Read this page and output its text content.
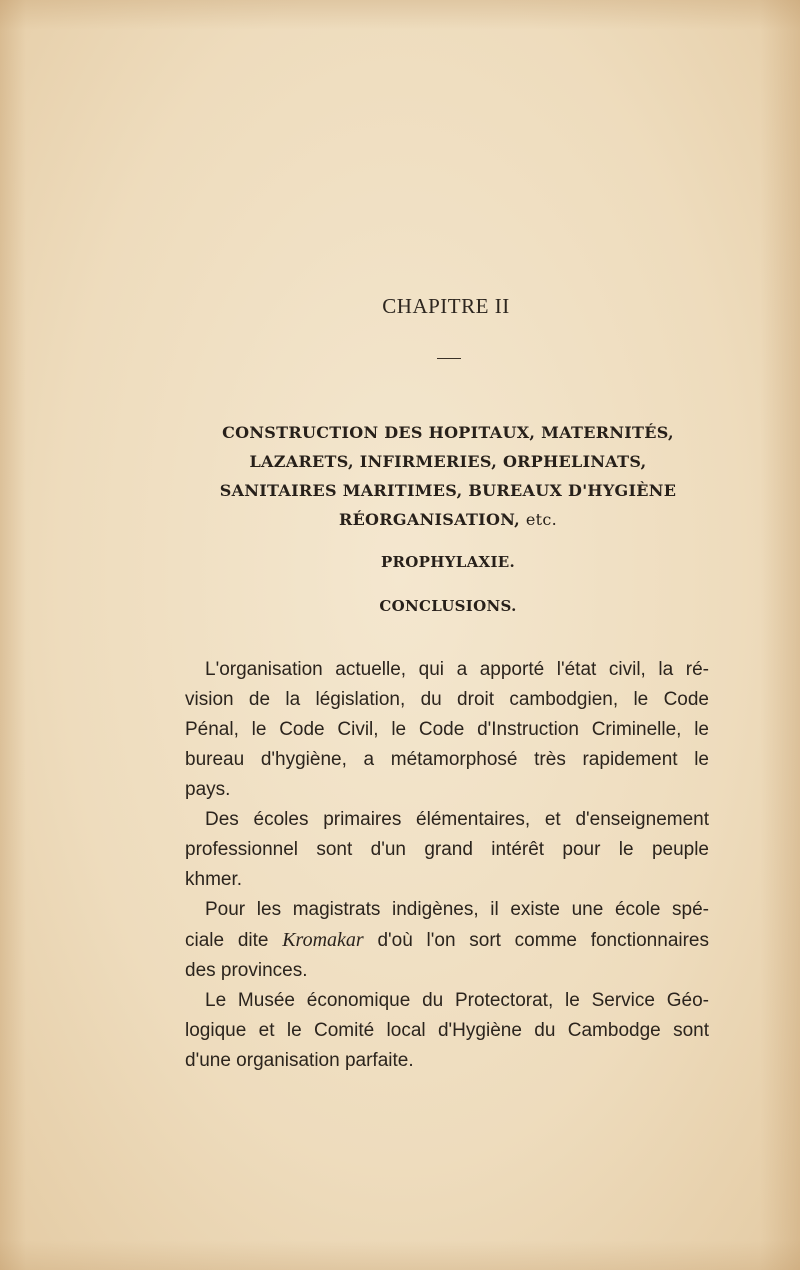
CHAPITRE II
CONSTRUCTION DES HOPITAUX, MATERNITÉS,
LAZARETS, INFIRMERIES, ORPHELINATS,
SANITAIRES MARITIMES, BUREAUX D'HYGIÈNE
RÉORGANISATION, etc.
PROPHYLAXIE.
CONCLUSIONS.

L'organisation actuelle, qui a apporté l'état civil, la ré-
vision de la législation, du droit cambodgien, le Code
Pénal, le Code Civil, le Code d'Instruction Criminelle, le
bureau d'hygiène, a métamorphosé très rapidement le
pays.

Des écoles primaires élémentaires, et d'enseignement
professionnel sont d'un grand intérêt pour le peuple
khmer.

Pour les magistrats indigènes, il existe une école spé-
ciale dite Kromakar d'où l'on sort comme fonctionnaires
des provinces.

Le Musée économique du Protectorat, le Service Géo-
logique et le Comité local d'Hygiène du Cambodge sont
d'une organisation parfaite.
